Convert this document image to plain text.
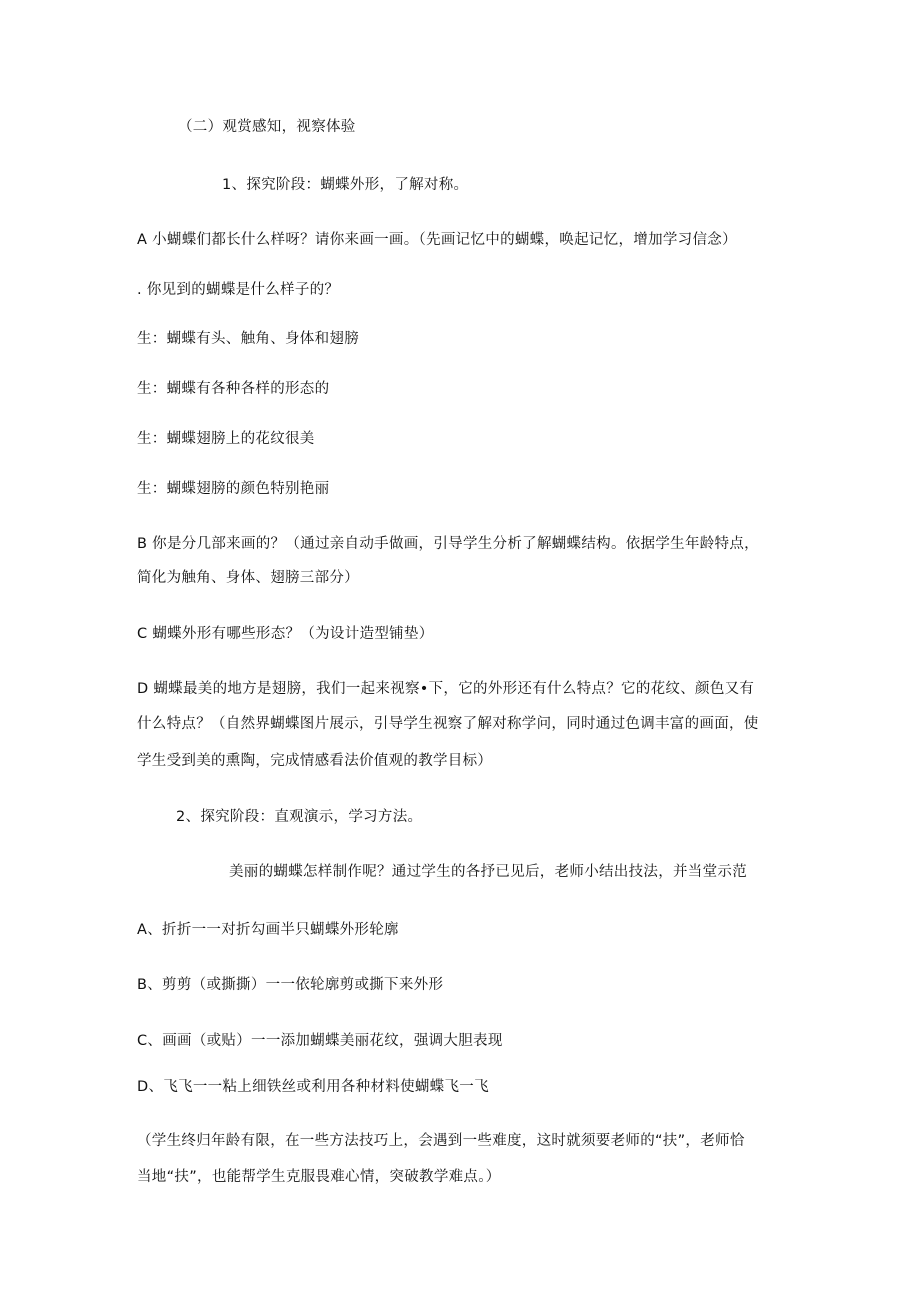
（二）观赏感知，视察体验
1、探究阶段：蝴蝶外形，了解对称。
A 小蝴蝶们都长什么样呀？请你来画一画。（先画记忆中的蝴蝶，唤起记忆，增加学习信念）
. 你见到的蝴蝶是什么样子的？
生：蝴蝶有头、触角、身体和翅膀
生：蝴蝶有各种各样的形态的
生：蝴蝶翅膀上的花纹很美
生：蝴蝶翅膀的颜色特别艳丽
B 你是分几部来画的？（通过亲自动手做画，引导学生分析了解蝴蝶结构。依据学生年龄特点，
简化为触角、身体、翅膀三部分）
C 蝴蝶外形有哪些形态？（为设计造型铺垫）
D 蝴蝶最美的地方是翅膀，我们一起来视察•下，它的外形还有什么特点？它的花纹、颜色又有
什么特点？（自然界蝴蝶图片展示，引导学生视察了解对称学问，同时通过色调丰富的画面，使
学生受到美的熏陶，完成情感看法价值观的教学目标）
2、探究阶段：直观演示，学习方法。
美丽的蝴蝶怎样制作呢？通过学生的各抒已见后，老师小结出技法，并当堂示范
A、折折一一对折勾画半只蝴蝶外形轮廓
B、剪剪（或撕撕）一一依轮廓剪或撕下来外形
C、画画（或贴）一一添加蝴蝶美丽花纹，强调大胆表现
D、飞飞一一粘上细铁丝或利用各种材料使蝴蝶飞一飞
（学生终归年龄有限，在一些方法技巧上，会遇到一些难度，这时就须要老师的“扶”，老师恰
当地“扶”，也能帮学生克服畏难心情，突破教学难点。）
